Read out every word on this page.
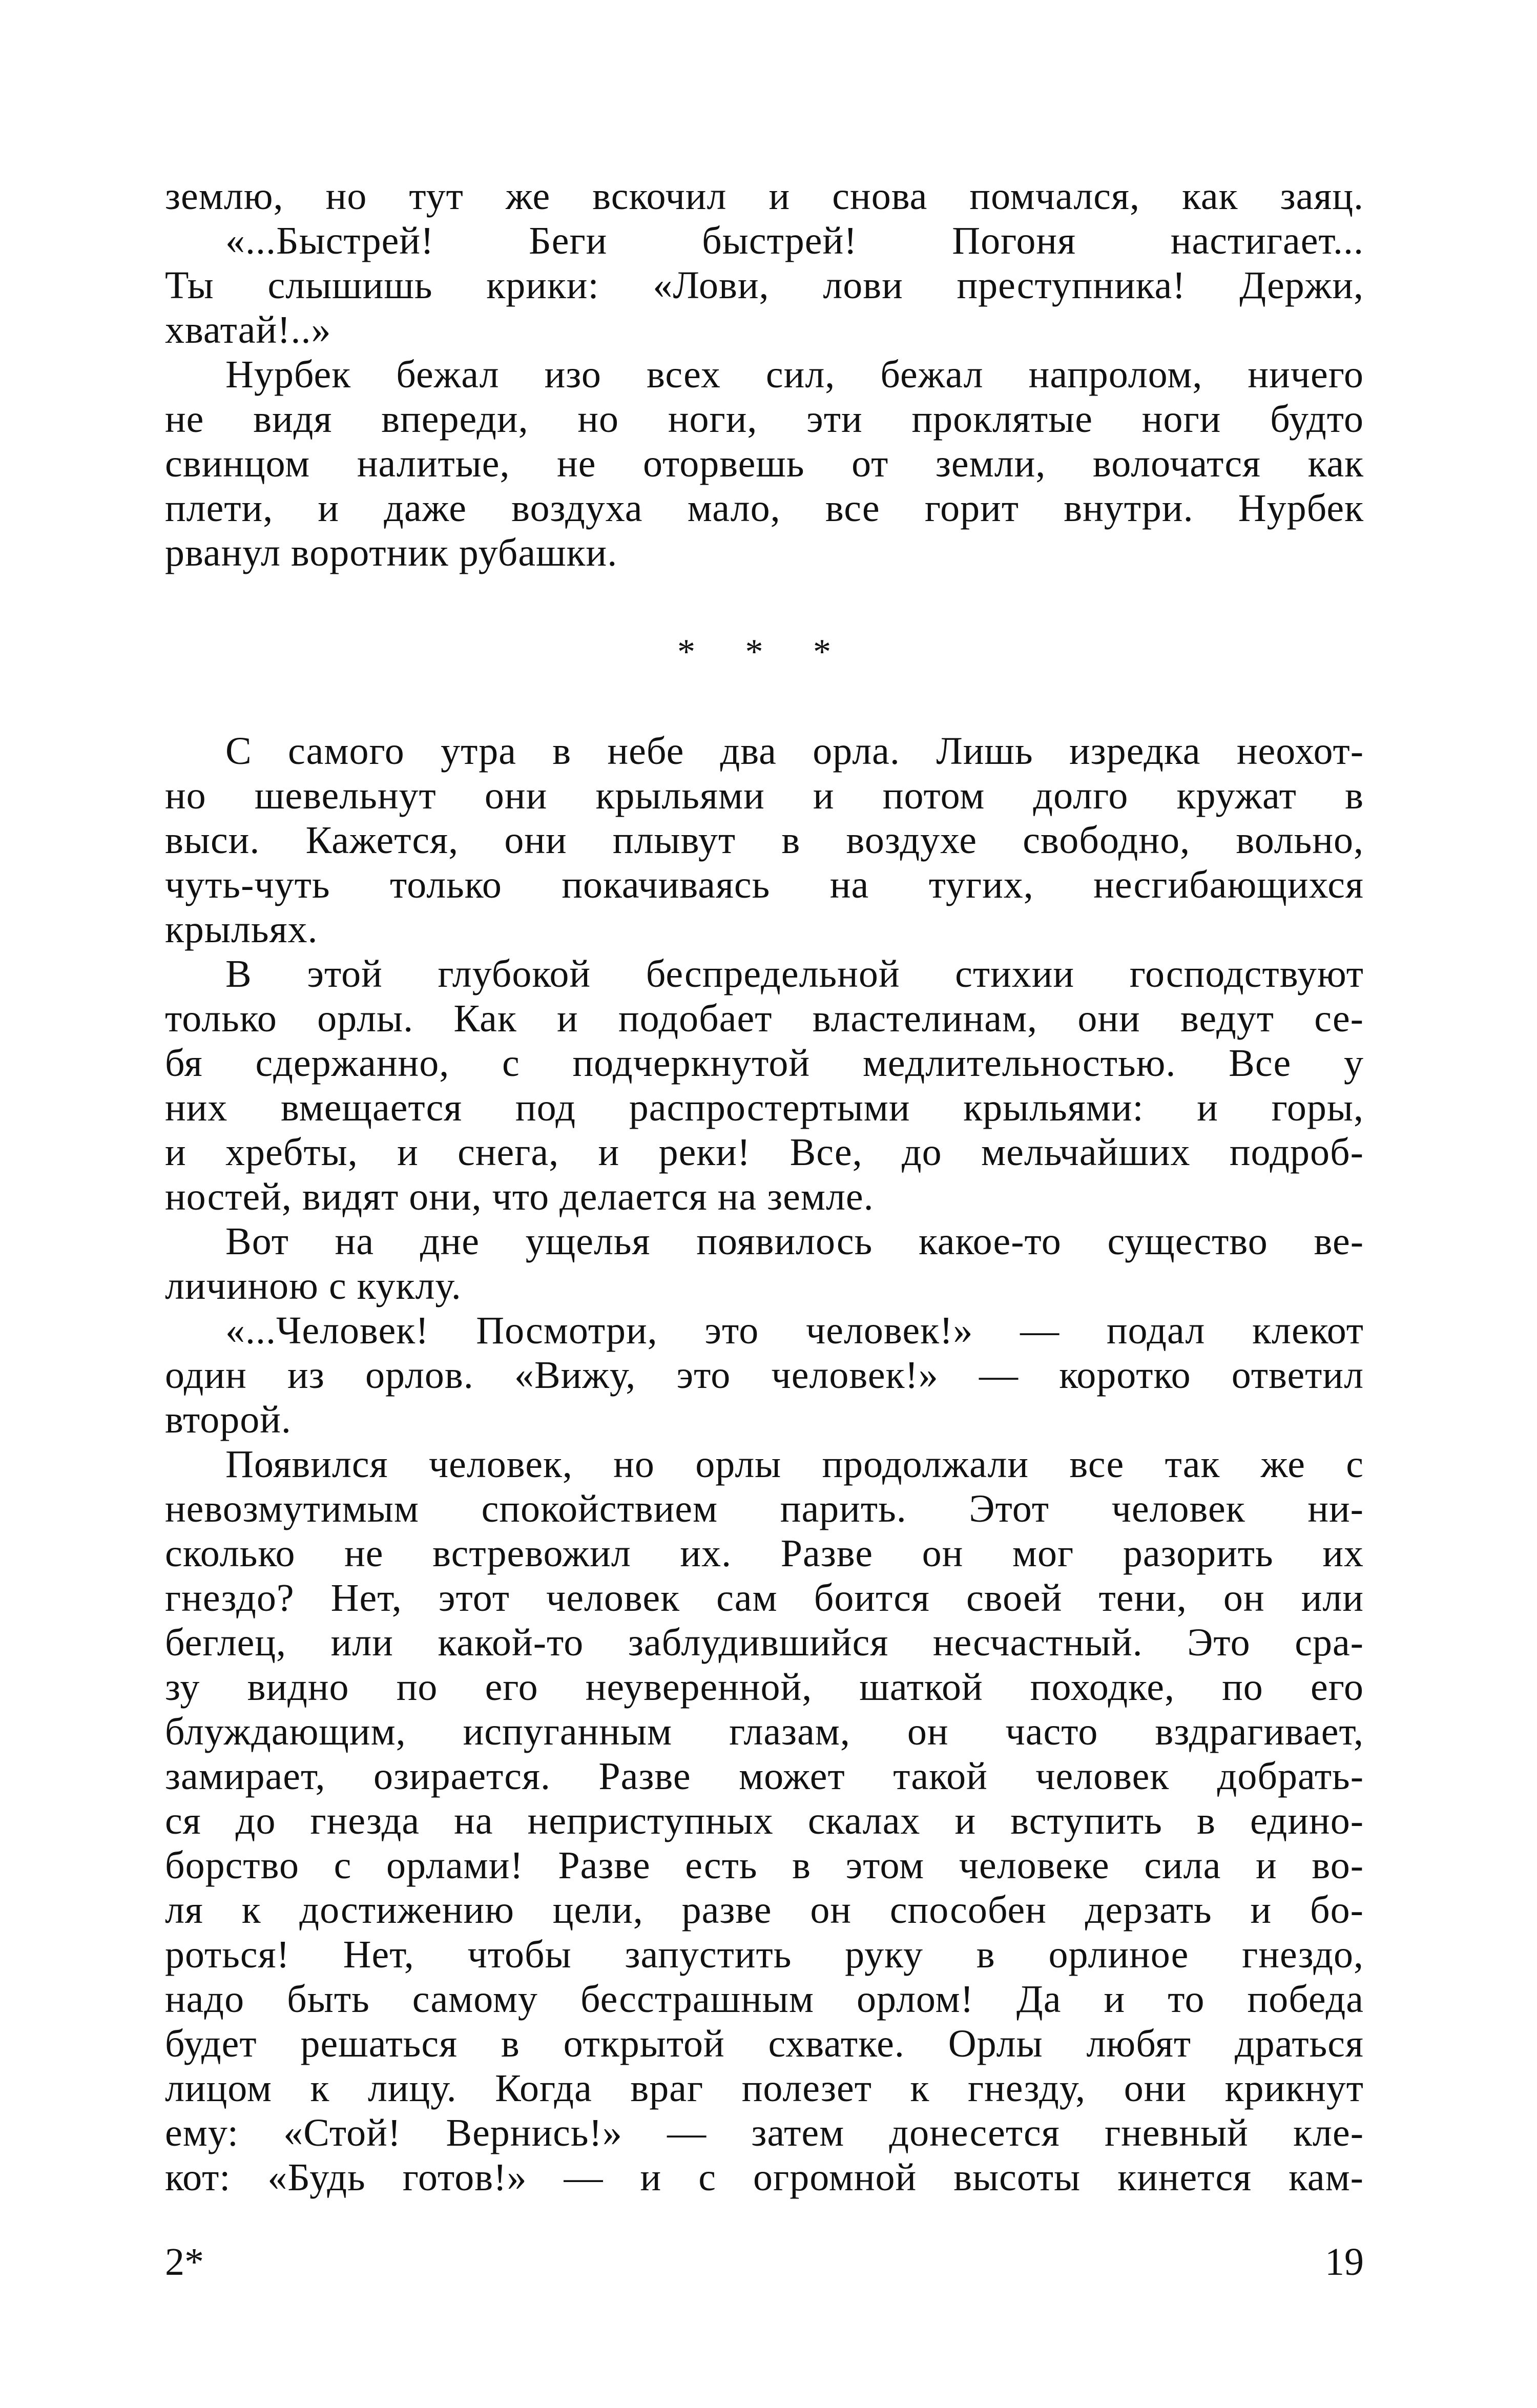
землю, но тут же вскочил и снова помчался, как заяц.
«...Быстрей! Беги быстрей! Погоня настигает...
Ты слышишь крики: «Лови, лови преступника! Держи,
хватай!..»
Нурбек бежал изо всех сил, бежал напролом, ничего
не видя впереди, но ноги, эти проклятые ноги будто
свинцом налитые, не оторвешь от земли, волочатся как
плети, и даже воздуха мало, все горит внутри. Нурбек
рванул воротник рубашки.
* * *
С самого утра в небе два орла. Лишь изредка неохот-
но шевельнут они крыльями и потом долго кружат в
выси. Кажется, они плывут в воздухе свободно, вольно,
чуть-чуть только покачиваясь на тугих, несгибающихся
крыльях.
В этой глубокой беспредельной стихии господствуют
только орлы. Как и подобает властелинам, они ведут се-
бя сдержанно, с подчеркнутой медлительностью. Все у
них вмещается под распростертыми крыльями: и горы,
и хребты, и снега, и реки! Все, до мельчайших подроб-
ностей, видят они, что делается на земле.
Вот на дне ущелья появилось какое-то существо ве-
личиною с куклу.
«...Человек! Посмотри, это человек!» — подал клекот
один из орлов. «Вижу, это человек!» — коротко ответил
второй.
Появился человек, но орлы продолжали все так же с
невозмутимым спокойствием парить. Этот человек ни-
сколько не встревожил их. Разве он мог разорить их
гнездо? Нет, этот человек сам боится своей тени, он или
беглец, или какой-то заблудившийся несчастный. Это сра-
зу видно по его неуверенной, шаткой походке, по его
блуждающим, испуганным глазам, он часто вздрагивает,
замирает, озирается. Разве может такой человек добрать-
ся до гнезда на неприступных скалах и вступить в едино-
борство с орлами! Разве есть в этом человеке сила и во-
ля к достижению цели, разве он способен дерзать и бо-
роться! Нет, чтобы запустить руку в орлиное гнездо,
надо быть самому бесстрашным орлом! Да и то победа
будет решаться в открытой схватке. Орлы любят драться
лицом к лицу. Когда враг полезет к гнезду, они крикнут
ему: «Стой! Вернись!» — затем донесется гневный кле-
кот: «Будь готов!» — и с огромной высоты кинется кам-
2*	19
